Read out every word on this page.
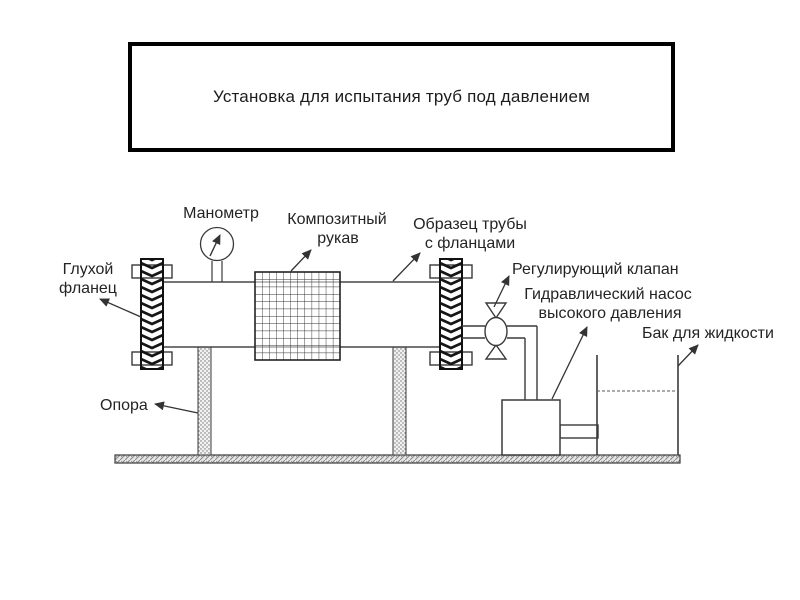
Установка для испытания труб под давлением
Манометр Композитный
рукав
Образец трубы
с фланцами
Глухой
фланец
Регулирующий клапан
Гидравлический насос
высокого давления
Бак для жидкости
Опора
